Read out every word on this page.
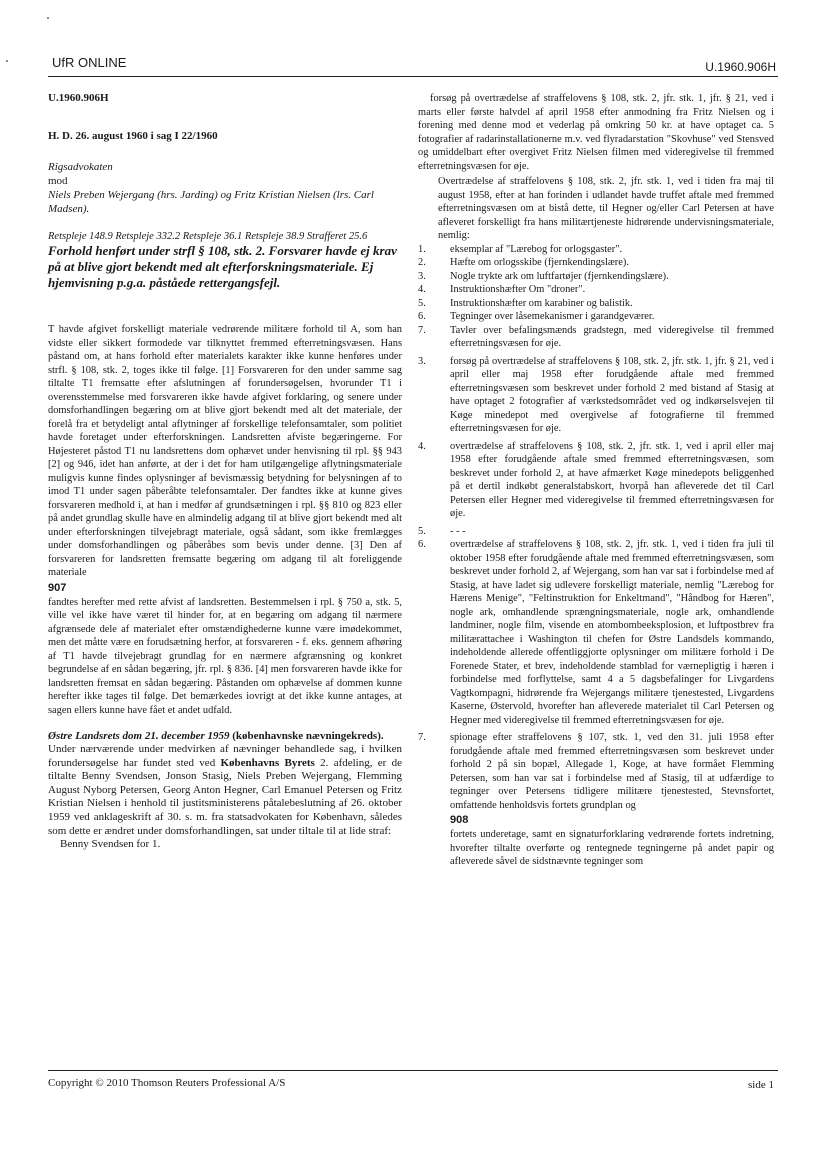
UfR ONLINE	U.1960.906H
U.1960.906H
H. D. 26. august 1960 i sag I 22/1960
Rigsadvokaten
mod
Niels Preben Wejergang (hrs. Jarding) og Fritz Kristian Nielsen (lrs. Carl Madsen).
Retspleje 148.9 Retspleje 332.2 Retspleje 36.1 Retspleje 38.9 Strafferet 25.6
Forhold henført under strfl § 108, stk. 2. Forsvarer havde ej krav på at blive gjort bekendt med alt efterforskningsmateriale. Ej hjemvisning p.g.a. påståede rettergangsfejl.

T havde afgivet forskelligt materiale vedrørende militære forhold til A, som han vidste eller sikkert formodede var tilknyttet fremmed efterretningsvæsen. Hans påstand om, at hans forhold efter materialets karakter ikke kunne henføres under strfl. § 108, stk. 2, toges ikke til følge. [1] Forsvareren for den under samme sag tiltalte T1 fremsatte efter afslutningen af forundersøgelsen, hvorunder T1 i overensstemmelse med forsvareren ikke havde afgivet forklaring, og senere under domsforhandlingen begæring om at blive gjort bekendt med alt det materiale, der forelå fra et betydeligt antal aflytninger af forskellige telefonsamtaler, som politiet havde foretaget under efterforskningen. Landsretten afviste begæringerne. For Højesteret påstod T1 nu landsrettens dom ophævet under henvisning til rpl. §§ 943 [2] og 946, idet han anførte, at der i det for ham utilgængelige aflytningsmateriale muligvis kunne findes oplysninger af bevismæssig betydning for belysningen af to imod T1 under sagen påberåbte telefonsamtaler. Der fandtes ikke at kunne gives forsvareren medhold i, at han i medfør af grundsætningen i rpl. §§ 810 og 823 eller på andet grundlag skulle have en almindelig adgang til at blive gjort bekendt med alt under efterforskningen tilvejebragt materiale, også sådant, som ikke fremlægges under domsforhandlingen og påberåbes som bevis under denne. [3] Den af forsvareren for landsretten fremsatte begæring om adgang til alt foreliggende materiale

907

fandtes herefter med rette afvist af landsretten. Bestemmelsen i rpl. § 750 a, stk. 5, ville vel ikke have været til hinder for, at en begæring om adgang til nærmere afgrænsede dele af materialet efter omstændighederne kunne være imødekommet, men det måtte være en forudsætning herfor, at forsvareren - f. eks. gennem afhøring af T1 havde tilvejebragt grundlag for en nærmere afgrænsning og konkret begrundelse af en sådan begæring, jfr. rpl. § 836. [4] men forsvareren havde ikke for landsretten fremsat en sådan begæring. Påstanden om ophævelse af dommen kunne herefter ikke tages til følge. Det bemærkedes iovrigt at det ikke kunne antages, at sagen ellers kunne have fået et andet udfald.

Østre Landsrets dom 21. december 1959 (københavnske nævningekreds).

Under nærværende under medvirken af nævninger behandlede sag, i hvilken forundersøgelse har fundet sted ved Københavns Byrets 2. afdeling, er de tiltalte Benny Svendsen, Jonson Stasig, Niels Preben Wejergang, Flemming August Nyborg Petersen, Georg Anton Hegner, Carl Emanuel Petersen og Fritz Kristian Nielsen i henhold til justitsministerens påtalebeslutning af 26. oktober 1959 ved anklageskrift af 30. s. m. fra statsadvokaten for København, således som dette er ændret under domsforhandlingen, sat under tiltale til at lide straf:

Benny Svendsen for 1.

forsøg på overtrædelse af straffelovens § 108, stk. 2, jfr. stk. 1, jfr. § 21, ved i marts eller første halvdel af april 1958 efter anmodning fra Fritz Nielsen og i forening med denne mod et vederlag på omkring 50 kr. at have optaget ca. 5 fotografier af radarinstallationerne m.v. ved flyradarstation "Skovhuse" ved Stensved og umiddelbart efter overgivet Fritz Nielsen filmen med videregivelse til fremmed efterretningsvæsen for øje.

Overtrædelse af straffelovens § 108, stk. 2, jfr. stk. 1, ved i tiden fra maj til august 1958, efter at han forinden i udlandet havde truffet aftale med fremmed efterretningsvæsen om at bistå dette, til Hegner og/eller Carl Petersen at have afleveret forskelligt fra hans militærtjeneste hidrørende undervisningsmateriale, nemlig:

1. eksemplar af "Lærebog for orlogsgaster".
2. Hæfte om orlogsskibe (fjernkendingslære).
3. Nogle trykte ark om luftfartøjer (fjernkendingslære).
4. Instruktionshæfter Om "droner".
5. Instruktionshæfter om karabiner og balistik.
6. Tegninger over låsemekanismer i garandgeværer.
7. Tavler over befalingsmænds gradstegn, med videregivelse til fremmed efterretningsvæsen for øje.
3. forsøg på overtrædelse af straffelovens § 108, stk. 2, jfr. stk. 1, jfr. § 21, ved i april eller maj 1958 efter forudgående aftale med fremmed efterretningsvæsen som beskrevet under forhold 2 med bistand af Stasig at have optaget 2 fotografier af værkstedsområdet ved og indkørselsvejen til Køge minedepot med overgivelse af fotografierne til fremmed efterretningsvæsen for øje.
4. overtrædelse af straffelovens § 108, stk. 2, jfr. stk. 1, ved i april eller maj 1958 efter forudgående aftale smed fremmed efterretningsvæsen, som beskrevet under forhold 2, at have afmærket Køge minedepots beliggenhed på et dertil indkøbt generalstabskort, hvorpå han afleverede det til Carl Petersen eller Hegner med videregivelse til fremmed efterretningsvæsen for øje.
5. - - -
6. overtrædelse af straffelovens § 108, stk. 2, jfr. stk. 1, ved i tiden fra juli til oktober 1958 efter forudgående aftale med fremmed efterretningsvæsen, som beskrevet under forhold 2, af Wejergang, som han var sat i forbindelse med af Stasig, at have ladet sig udlevere forskelligt materiale, nemlig "Lærebog for Hærens Menige", "Feltinstruktion for Enkeltmand", "Håndbog for Hæren", nogle ark, omhandlende sprængningsmateriale, nogle ark, omhandlende landminer, nogle film, visende en atombombeeksplosion, et luftpostbrev fra militærattachee i Washington til chefen for Østre Landsdels kommando, indeholdende allerede offentliggjorte oplysninger om militære forhold i De Forenede Stater, et brev, indeholdende stamblad for værnepligtig i hæren i forbindelse med forflyttelse, samt 4 a 5 dagsbefalinger for Livgardens Vagtkompagni, hidrørende fra Wejergangs militære tjenestested, Livgardens Kaserne, Østervold, hvorefter han afleverede materialet til Carl Petersen og Hegner med videregivelse til fremmed efterretningsvæsen for øje.
7. spionage efter straffelovens § 107, stk. 1, ved den 31. juli 1958 efter forudgående aftale med fremmed efterretningsvæsen som beskrevet under forhold 2 på sin bopæl, Allegade 1, Koge, at have formået Flemming Petersen, som han var sat i forbindelse med af Stasig, til at udfærdige to tegninger over Petersens tidligere militære tjenestested, Stevnsfortet, omfattende henholdsvis fortets grundplan og
908

fortets underetage, samt en signaturforklaring vedrørende fortets indretning, hvorefter tiltalte overførte og rentegnede tegningerne på andet papir og afleverede såvel de sidstnævnte tegninger som

Copyright © 2010 Thomson Reuters Professional A/S	side 1
